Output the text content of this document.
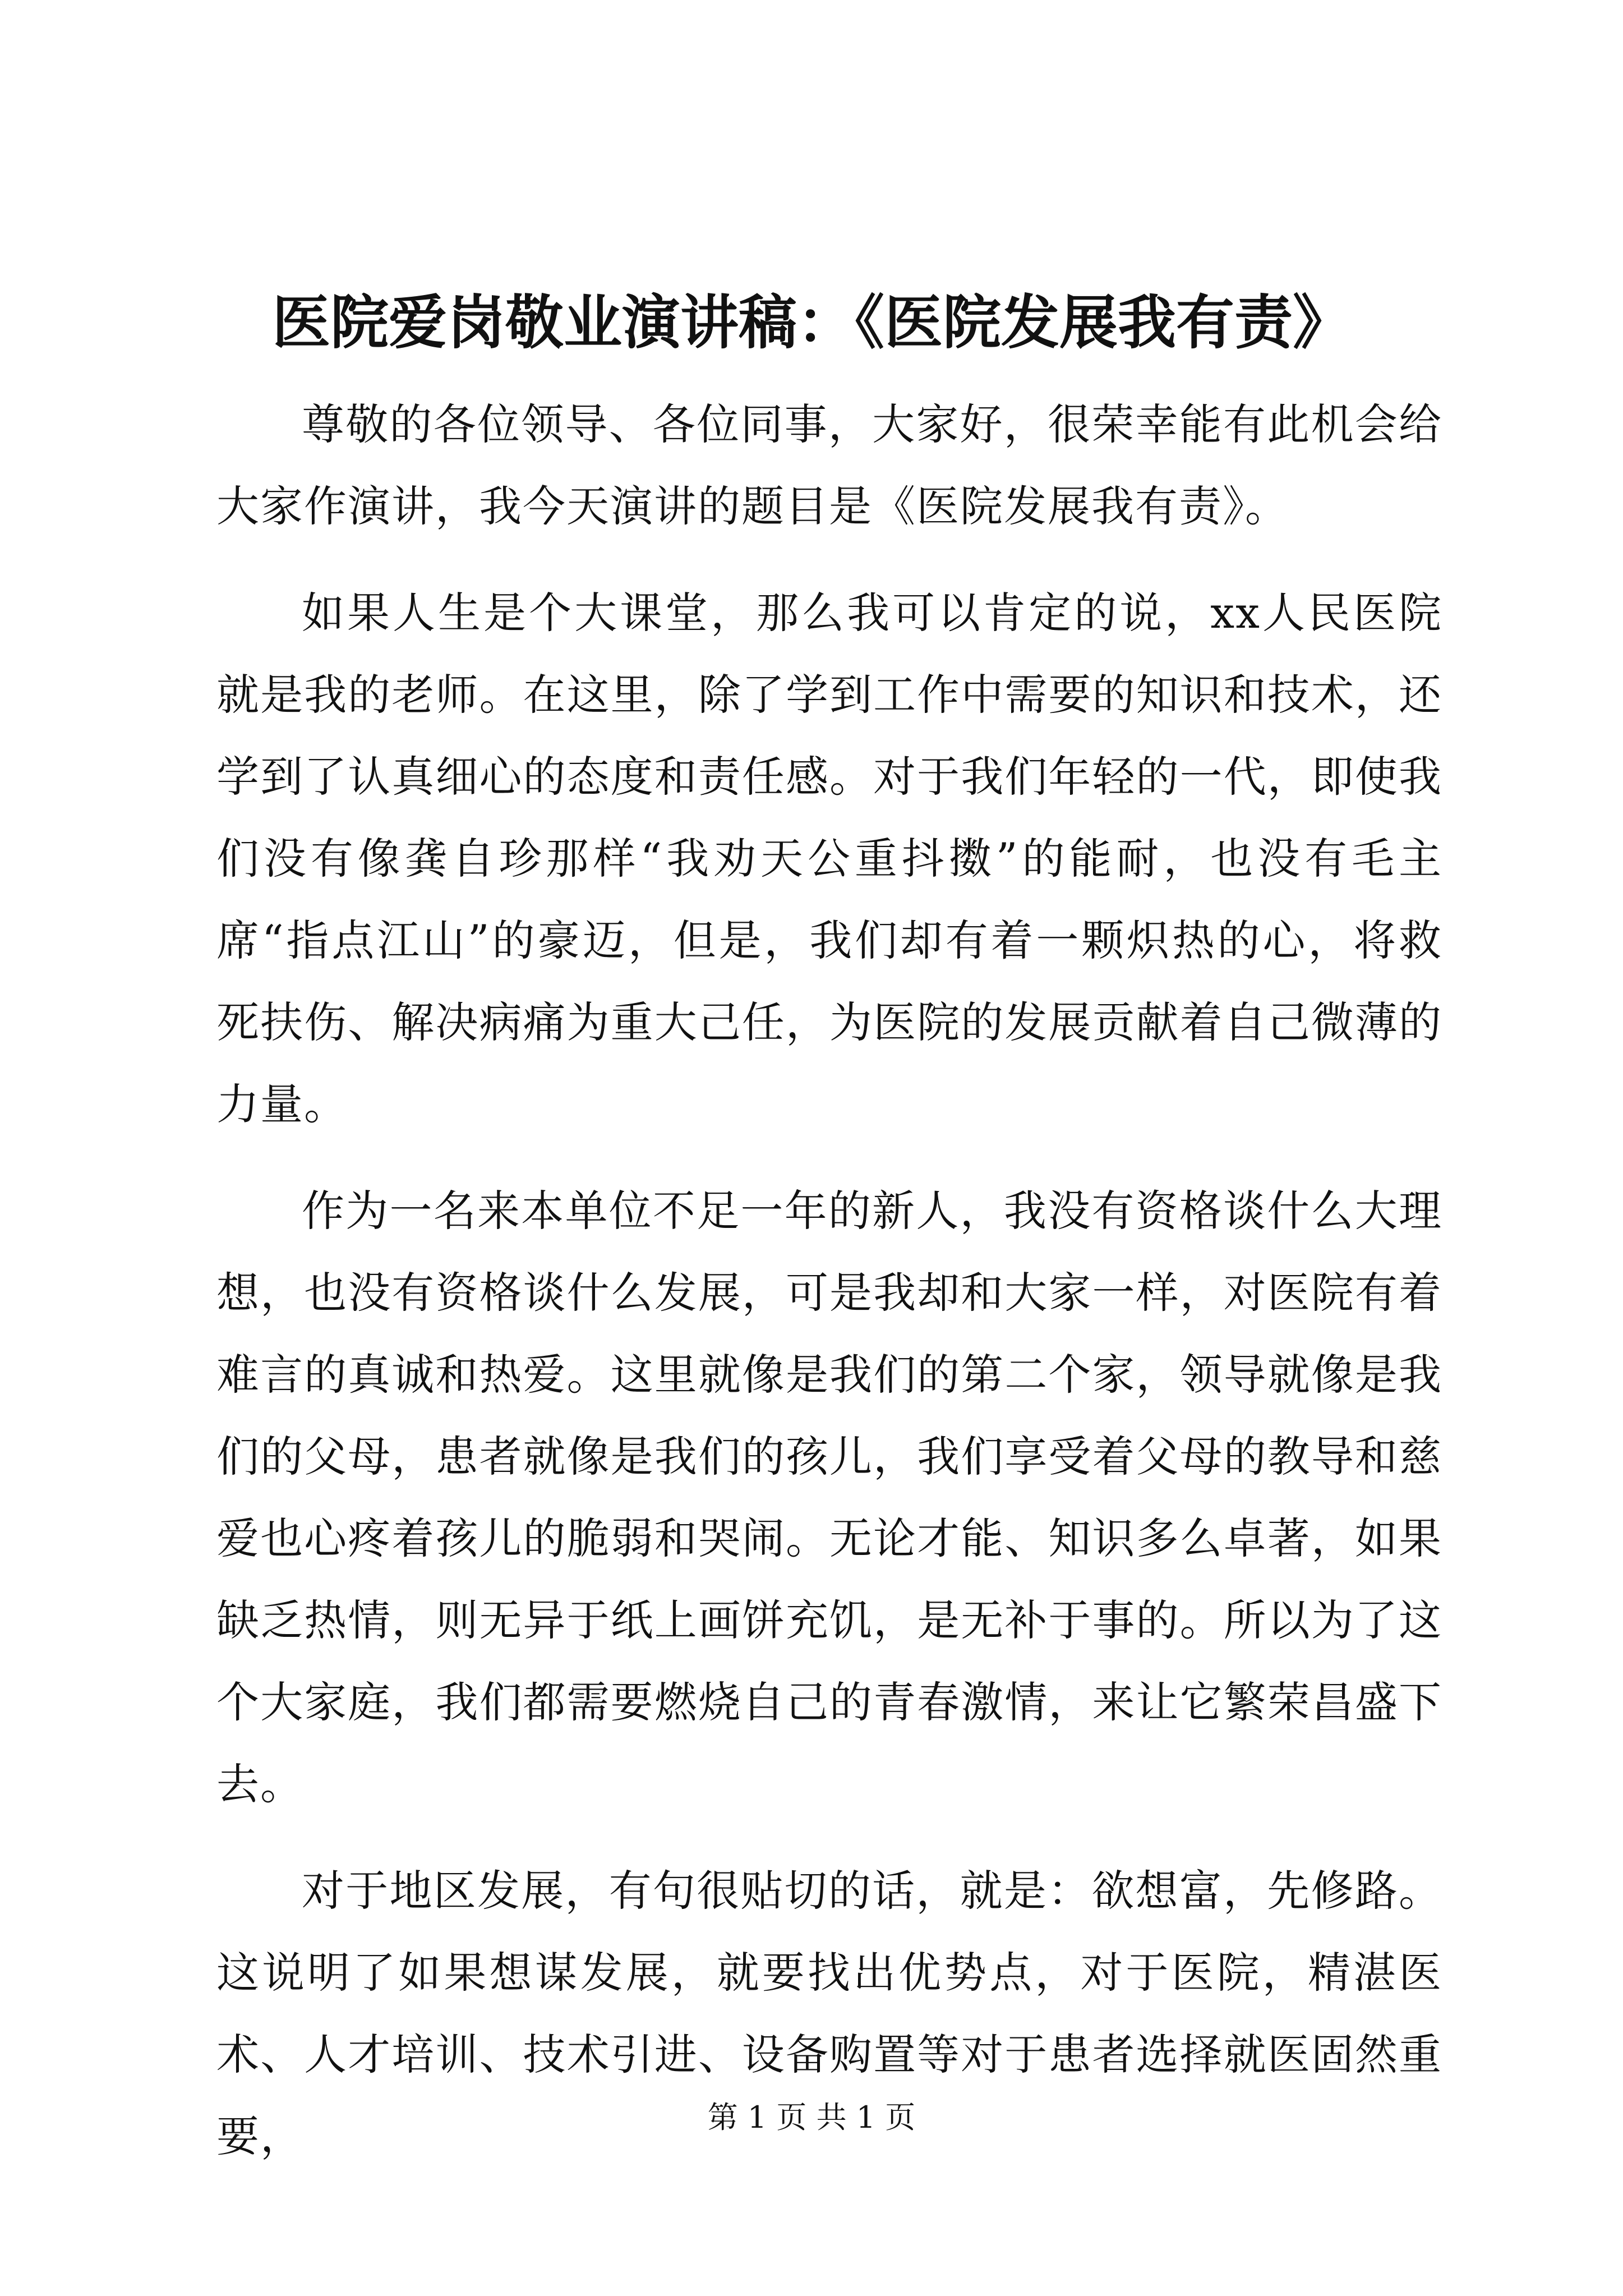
医院爱岗敬业演讲稿：《医院发展我有责》

尊敬的各位领导、各位同事，大家好，很荣幸能有此机会给大家作演讲，我今天演讲的题目是《医院发展我有责》。

如果人生是个大课堂，那么我可以肯定的说，xx人民医院就是我的老师。在这里，除了学到工作中需要的知识和技术，还学到了认真细心的态度和责任感。对于我们年轻的一代，即使我们没有像龚自珍那样“我劝天公重抖擞”的能耐，也没有毛主席“指点江山”的豪迈，但是，我们却有着一颗炽热的心，将救死扶伤、解决病痛为重大己任，为医院的发展贡献着自己微薄的力量。

作为一名来本单位不足一年的新人，我没有资格谈什么大理想，也没有资格谈什么发展，可是我却和大家一样，对医院有着难言的真诚和热爱。这里就像是我们的第二个家，领导就像是我们的父母，患者就像是我们的孩儿，我们享受着父母的教导和慈爱也心疼着孩儿的脆弱和哭闹。无论才能、知识多么卓著，如果缺乏热情，则无异于纸上画饼充饥，是无补于事的。所以为了这个大家庭，我们都需要燃烧自己的青春激情，来让它繁荣昌盛下去。

对于地区发展，有句很贴切的话，就是：欲想富，先修路。这说明了如果想谋发展，就要找出优势点，对于医院，精湛医术、人才培训、技术引进、设备购置等对于患者选择就医固然重要，	第 1 页 共 1 页
